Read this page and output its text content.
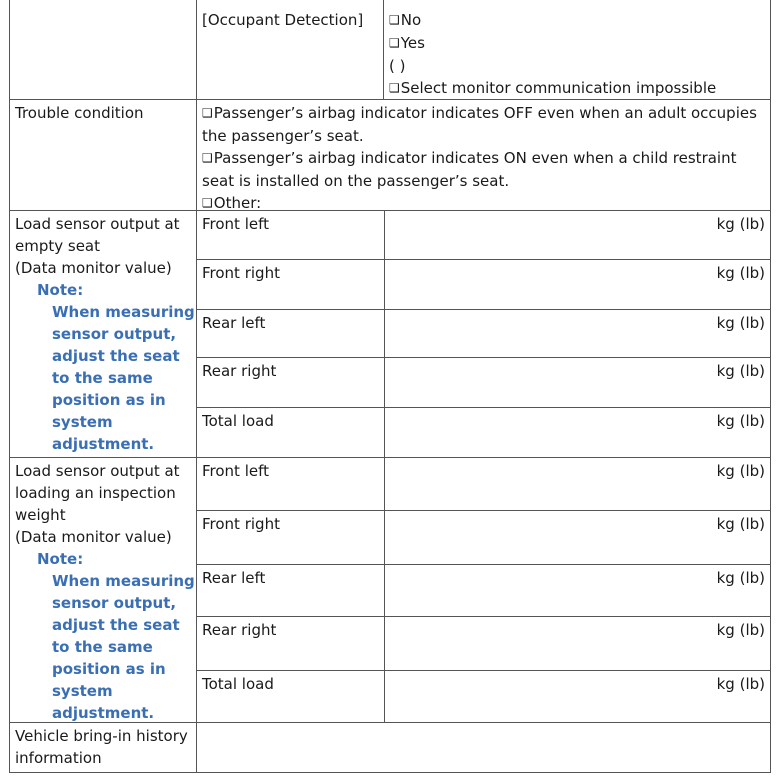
[Occupant Detection]	❑No
❑Yes
( )
❑Select monitor communication impossible
Trouble condition	❑Passenger’s airbag indicator indicates OFF even when an adult occupies the passenger’s seat.
❑Passenger’s airbag indicator indicates ON even when a child restraint seat is installed on the passenger’s seat.
❑Other:
Load sensor output at
empty seat
(Data monitor value)
Note:
When measuring
sensor output,
adjust the seat
to the same
position as in
system
adjustment.
Front left	kg (lb)
Front right	kg (lb)
Rear left	kg (lb)
Rear right	kg (lb)
Total load	kg (lb)
Load sensor output at
loading an inspection
weight
(Data monitor value)
Note:
When measuring
sensor output,
adjust the seat
to the same
position as in
system
adjustment.
Front left	kg (lb)
Front right	kg (lb)
Rear left	kg (lb)
Rear right	kg (lb)
Total load	kg (lb)
Vehicle bring-in history
information
